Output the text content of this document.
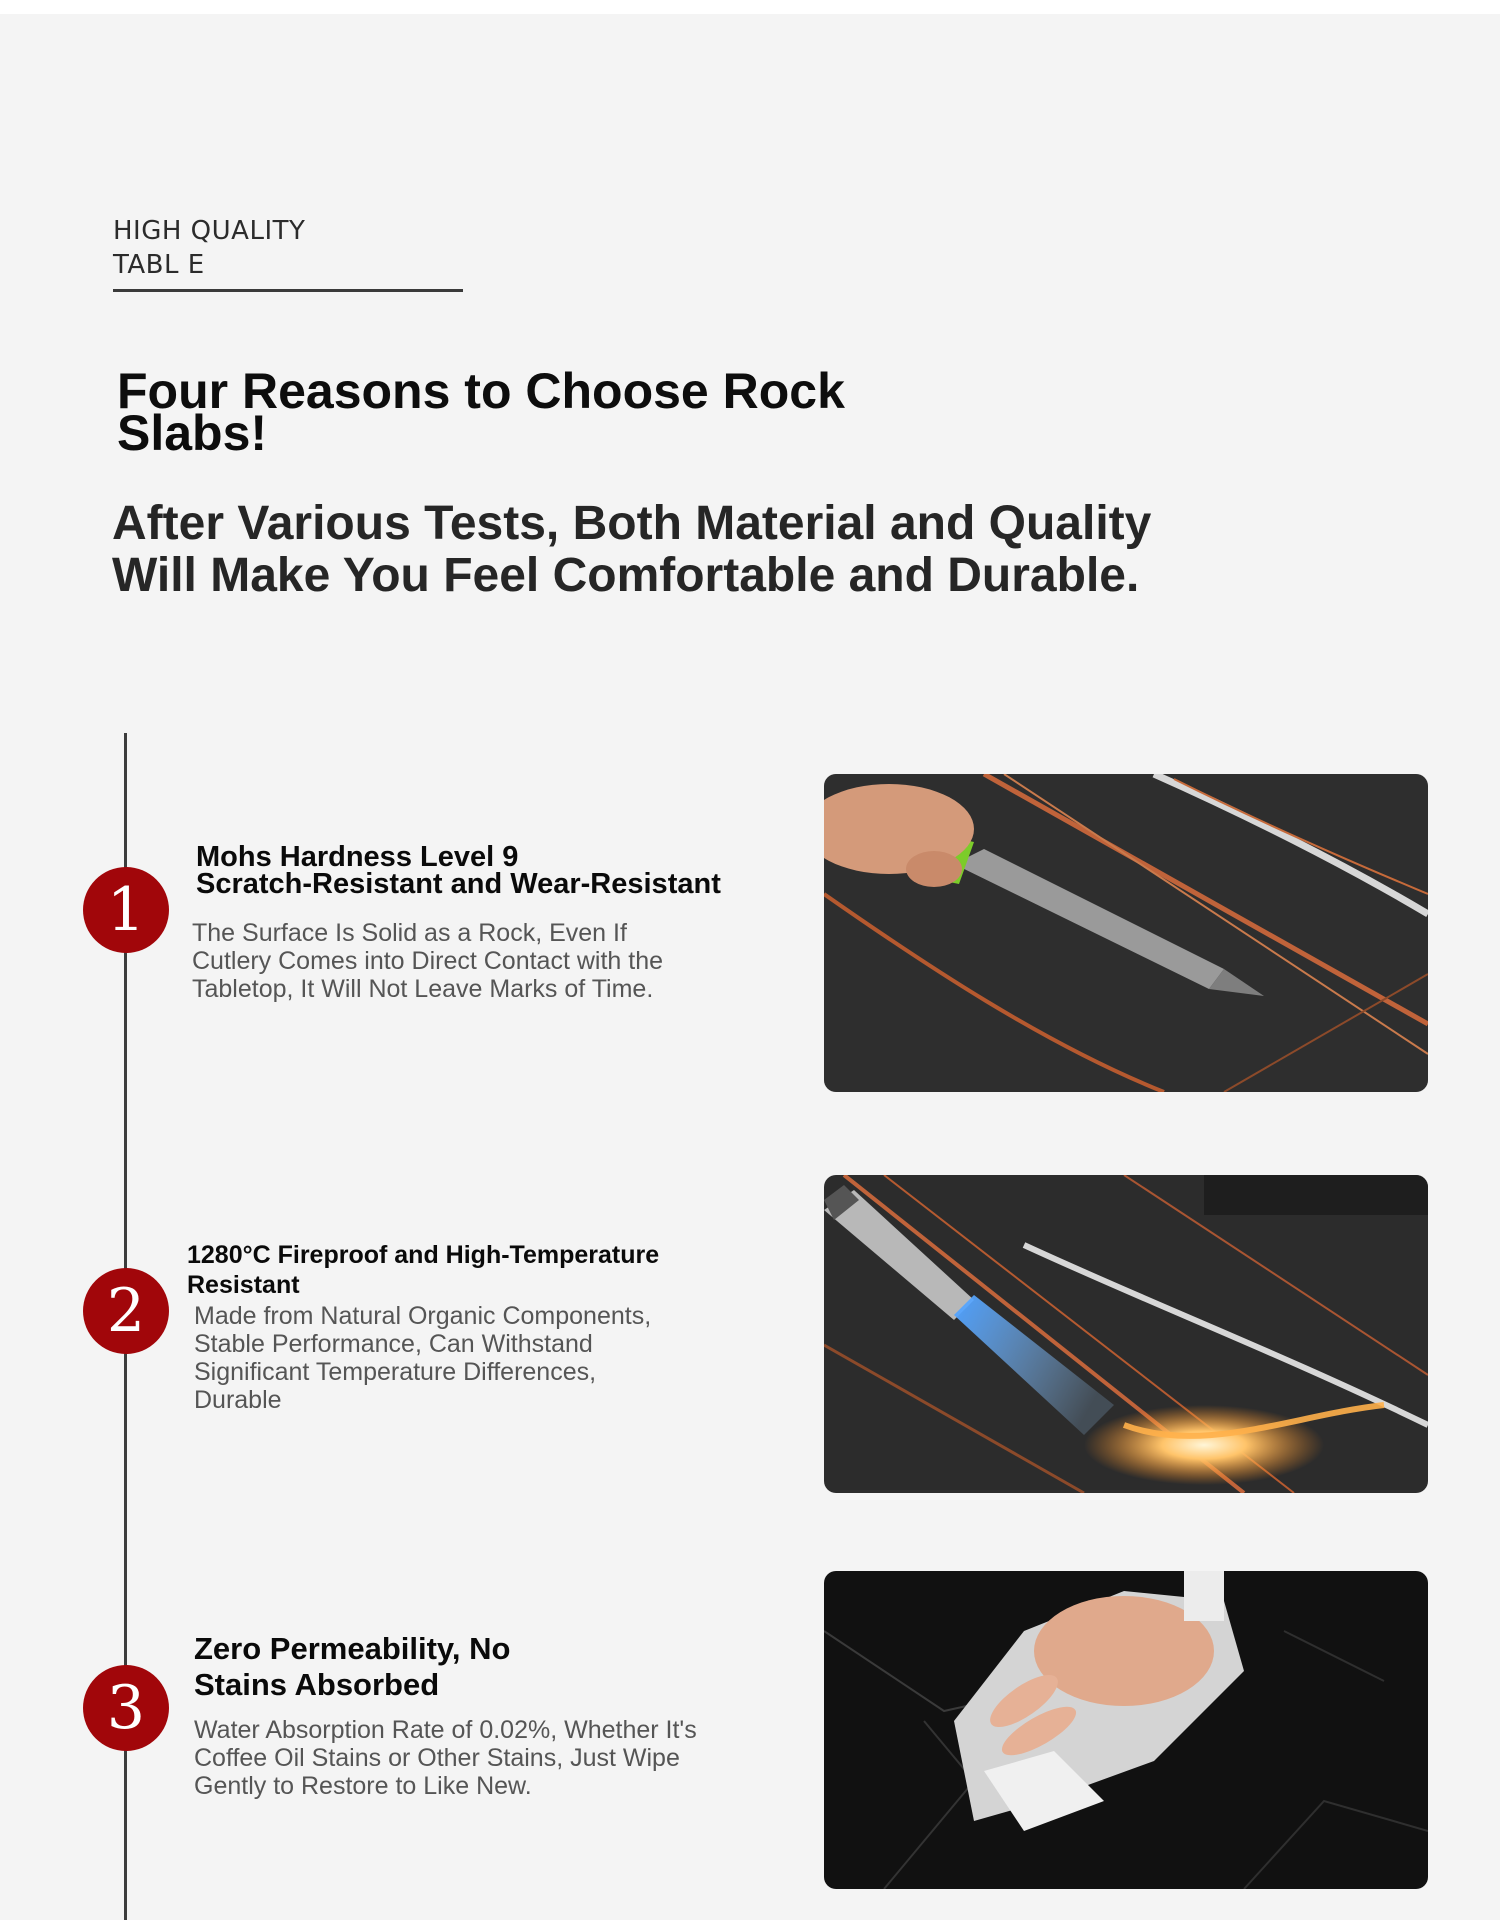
HIGH QUALITY
TABL E
Four Reasons to Choose Rock Slabs!
After Various Tests, Both Material and Quality Will Make You Feel Comfortable and Durable.
1
Mohs Hardness Level 9
Scratch-Resistant and Wear-Resistant

The Surface Is Solid as a Rock, Even If Cutlery Comes into Direct Contact with the Tabletop, It Will Not Leave Marks of Time.

2

1280°C Fireproof and High-Temperature Resistant

Made from Natural Organic Components, Stable Performance, Can Withstand Significant Temperature Differences, Durable

3

Zero Permeability, No Stains Absorbed

Water Absorption Rate of 0.02%, Whether It's Coffee Oil Stains or Other Stains, Just Wipe Gently to Restore to Like New.
